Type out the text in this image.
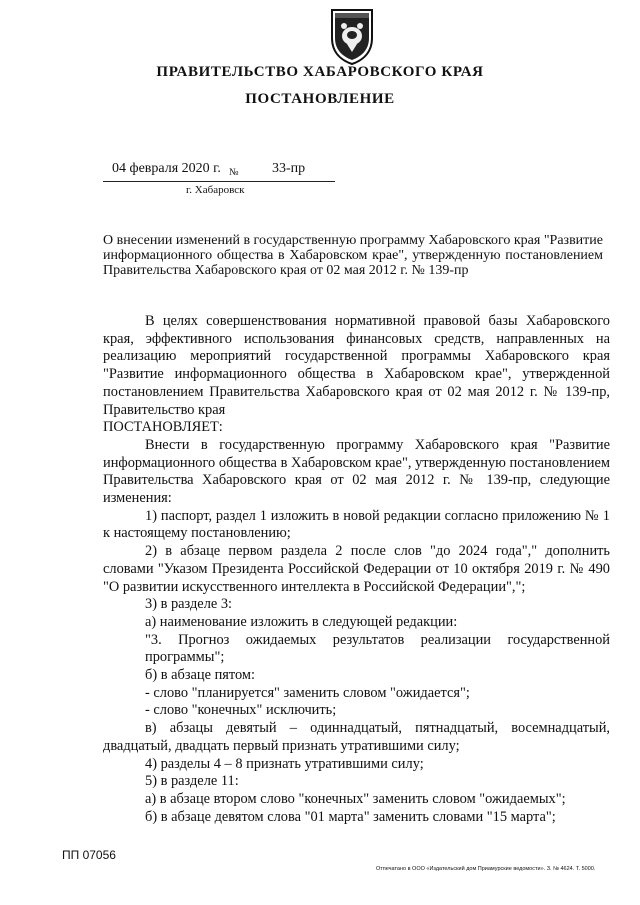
ПРАВИТЕЛЬСТВО ХАБАРОВСКОГО КРАЯ
ПОСТАНОВЛЕНИЕ
04 февраля 2020 г. № 33-пр
г. Хабаровск
О внесении изменений в государственную программу Хабаровского края "Развитие информационного общества в Хабаровском крае", утвержденную постановлением Правительства Хабаровского края от 02 мая 2012 г. № 139-пр

В целях совершенствования нормативной правовой базы Хабаровского края, эффективного использования финансовых средств, направленных на реализацию мероприятий государственной программы Хабаровского края "Развитие информационного общества в Хабаровском крае", утвержденной постановлением Правительства Хабаровского края от 02 мая 2012 г. № 139-пр, Правительство края

ПОСТАНОВЛЯЕТ:

Внести в государственную программу Хабаровского края "Развитие информационного общества в Хабаровском крае", утвержденную постановлением Правительства Хабаровского края от 02 мая 2012 г. № 139-пр, следующие изменения:

1) паспорт, раздел 1 изложить в новой редакции согласно приложению № 1 к настоящему постановлению;

2) в абзаце первом раздела 2 после слов "до 2024 года"," дополнить словами "Указом Президента Российской Федерации от 10 октября 2019 г. № 490 "О развитии искусственного интеллекта в Российской Федерации",";

3) в разделе 3:

а) наименование изложить в следующей редакции:

"3. Прогноз ожидаемых результатов реализации государственной программы";

б) в абзаце пятом:

- слово "планируется" заменить словом "ожидается";

- слово "конечных" исключить;

в) абзацы девятый – одиннадцатый, пятнадцатый, восемнадцатый, двадцатый, двадцать первый признать утратившими силу;

4) разделы 4 – 8 признать утратившими силу;

5) в разделе 11:

а) в абзаце втором слово "конечных" заменить словом "ожидаемых";

б) в абзаце девятом слова "01 марта" заменить словами "15 марта";

ПП 07056
Отпечатано в ООО «Издательский дом Приамурские ведомости». З. № 4624. Т. 5000.
